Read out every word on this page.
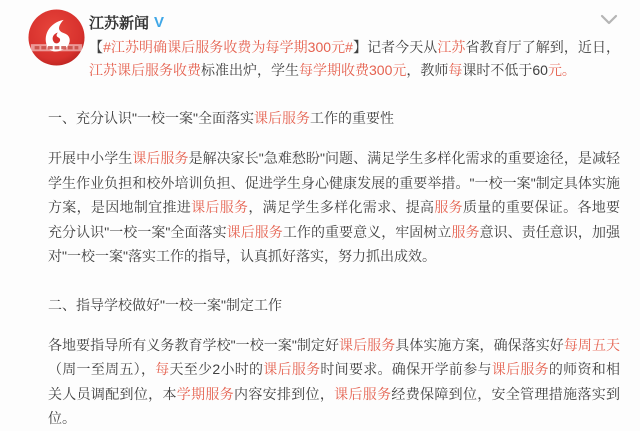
江苏新闻 V
【#江苏明确课后服务收费为每学期300元#】记者今天从江苏省教育厅了解到，近日，江苏课后服务收费标准出炉，学生每学期收费300元，教师每课时不低于60元。
一、充分认识"一校一案"全面落实课后服务工作的重要性
开展中小学生课后服务是解决家长"急难愁盼"问题、满足学生多样化需求的重要途径，是减轻学生作业负担和校外培训负担、促进学生身心健康发展的重要举措。"一校一案"制定具体实施方案，是因地制宜推进课后服务，满足学生多样化需求、提高服务质量的重要保证。各地要充分认识"一校一案"全面落实课后服务工作的重要意义，牢固树立服务意识、责任意识，加强对"一校一案"落实工作的指导，认真抓好落实，努力抓出成效。
二、指导学校做好"一校一案"制定工作
各地要指导所有义务教育学校"一校一案"制定好课后服务具体实施方案，确保落实好每周五天（周一至周五），每天至少2小时的课后服务时间要求。确保开学前参与课后服务的师资和相关人员调配到位，本学期服务内容安排到位，课后服务经费保障到位，安全管理措施落实到位。
